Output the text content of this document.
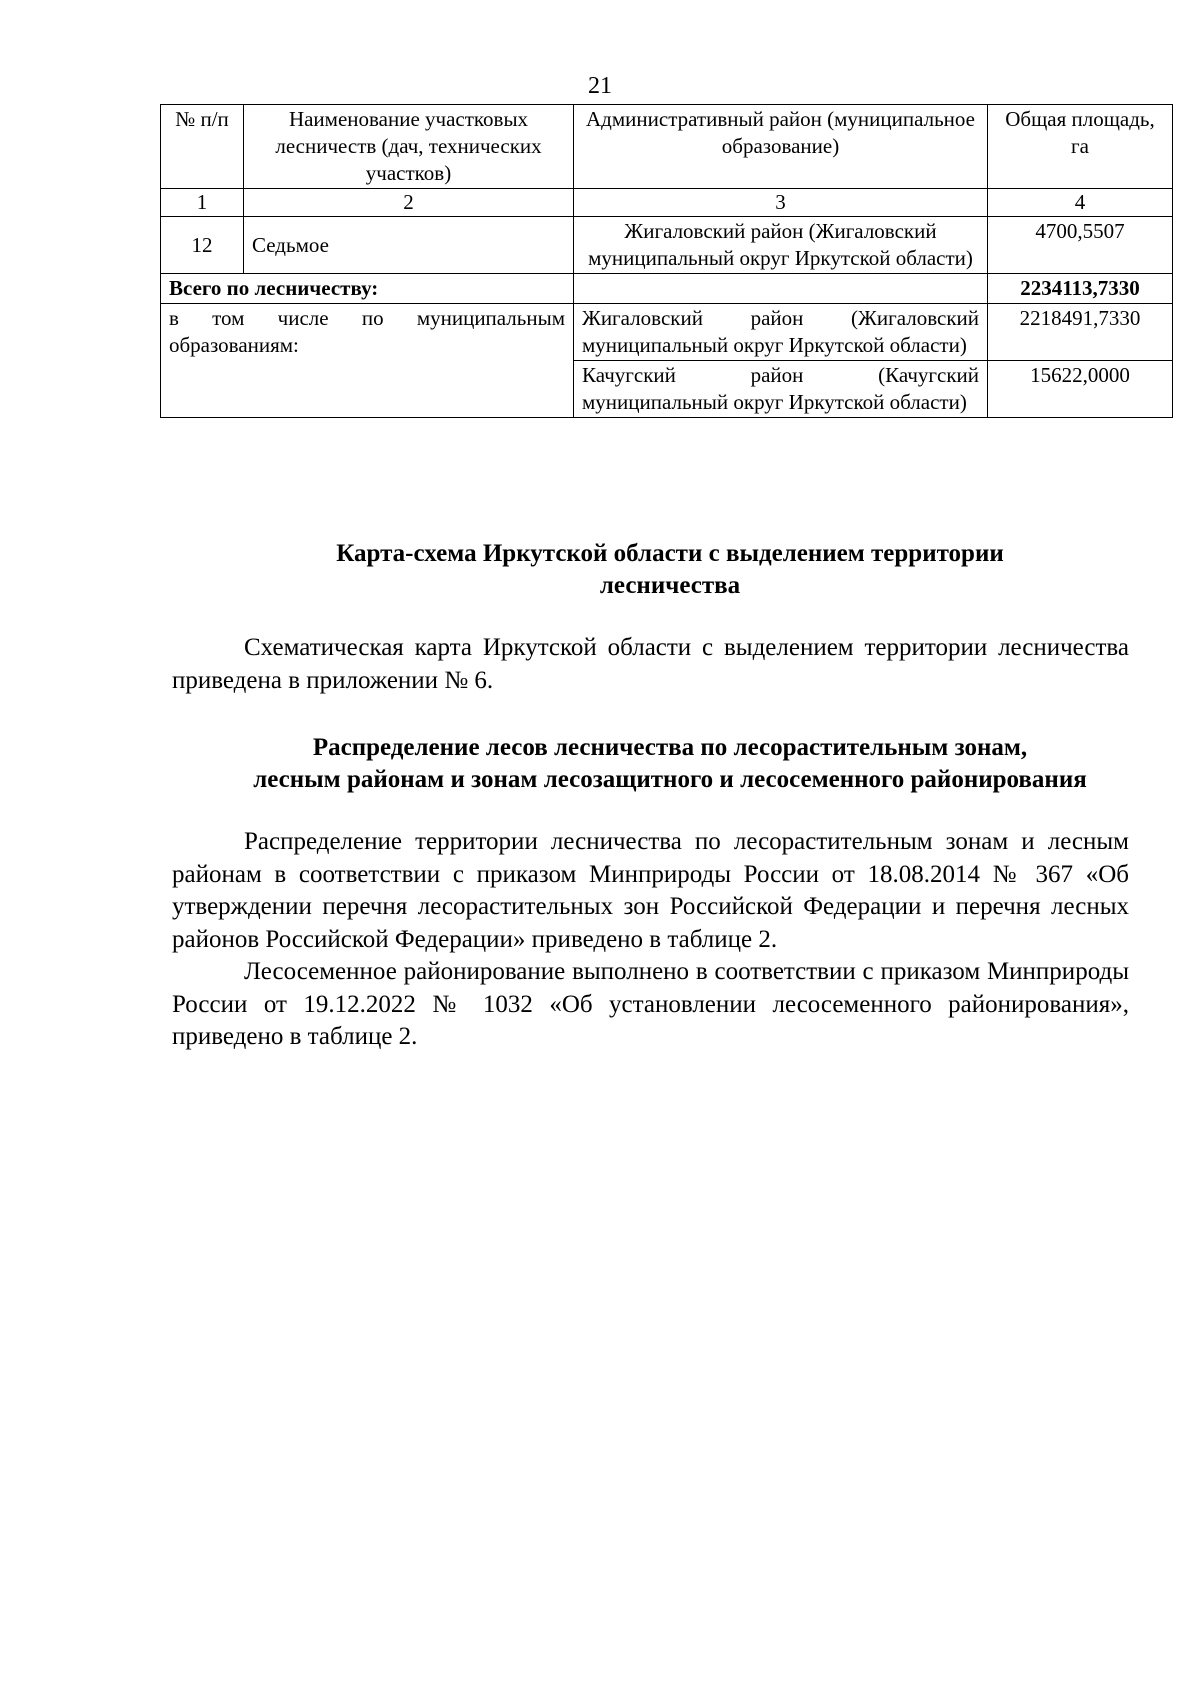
21
№ п/п	Наименование участковых лесничеств (дач, технических участков)	Административный район (муниципальное образование)	Общая площадь, га
1	2	3	4
12	Седьмое	Жигаловский район (Жигаловский муниципальный округ Иркутской области)	4700,5507
Всего по лесничеству:			2234113,7330
в том числе по муниципальным образованиям:		Жигаловский район (Жигаловский муниципальный округ Иркутской области)	2218491,7330
		Качугский район (Качугский муниципальный округ Иркутской области)	15622,0000
Карта-схема Иркутской области с выделением территории
лесничества

Схематическая карта Иркутской области с выделением территории лесничества приведена в приложении № 6.

Распределение лесов лесничества по лесорастительным зонам,
лесным районам и зонам лесозащитного и лесосеменного районирования

Распределение территории лесничества по лесорастительным зонам и лесным районам в соответствии с приказом Минприроды России от 18.08.2014 № 367 «Об утверждении перечня лесорастительных зон Российской Федерации и перечня лесных районов Российской Федерации» приведено в таблице 2.

Лесосеменное районирование выполнено в соответствии с приказом Минприроды России от 19.12.2022 № 1032 «Об установлении лесосеменного районирования», приведено в таблице 2.
